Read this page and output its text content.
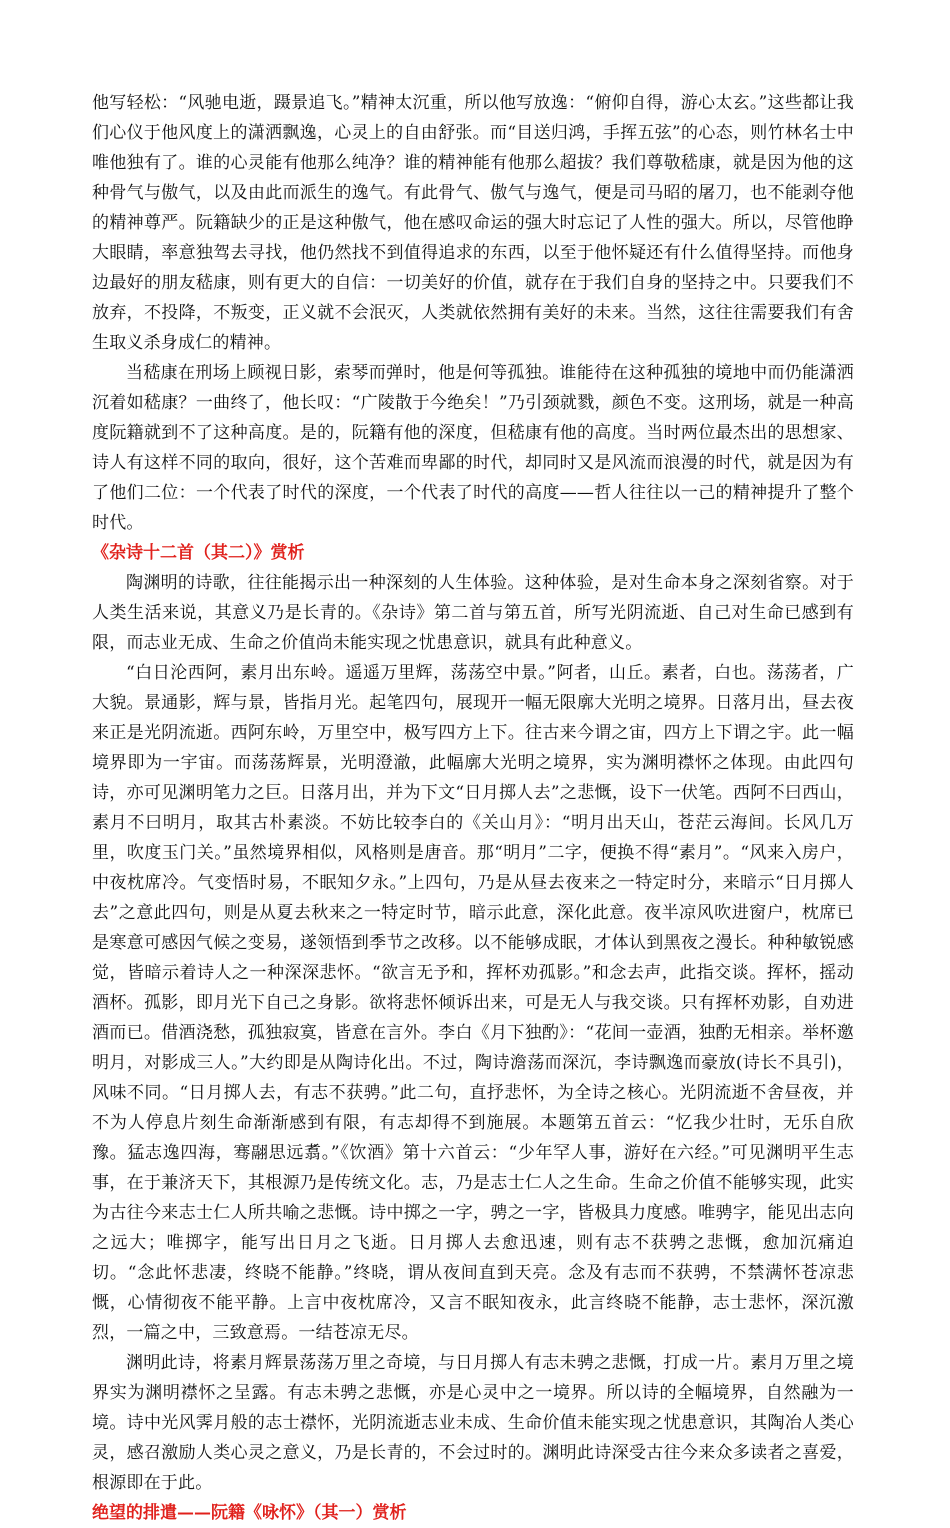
他写轻松：“风驰电逝，蹑景追飞。”精神太沉重，所以他写放逸：“俯仰自得，游心太玄。”这些都让我们心仪于他风度上的潇洒飘逸，心灵上的自由舒张。而“目送归鸿，手挥五弦”的心态，则竹林名士中唯他独有了。谁的心灵能有他那么纯净？谁的精神能有他那么超拔？我们尊敬嵇康，就是因为他的这种骨气与傲气，以及由此而派生的逸气。有此骨气、傲气与逸气，便是司马昭的屠刀，也不能剥夺他的精神尊严。阮籍缺少的正是这种傲气，他在感叹命运的强大时忘记了人性的强大。所以，尽管他睁大眼睛，率意独驾去寻找，他仍然找不到值得追求的东西，以至于他怀疑还有什么值得坚持。而他身边最好的朋友嵇康，则有更大的自信：一切美好的价值，就存在于我们自身的坚持之中。只要我们不放弃，不投降，不叛变，正义就不会泯灭，人类就依然拥有美好的未来。当然，这往往需要我们有舍生取义杀身成仁的精神。

当嵇康在刑场上顾视日影，索琴而弹时，他是何等孤独。谁能待在这种孤独的境地中而仍能潇洒沉着如嵇康？一曲终了，他长叹：“广陵散于今绝矣！”乃引颈就戮，颜色不变。这刑场，就是一种高度阮籍就到不了这种高度。是的，阮籍有他的深度，但嵇康有他的高度。当时两位最杰出的思想家、诗人有这样不同的取向，很好，这个苦难而卑鄙的时代，却同时又是风流而浪漫的时代，就是因为有了他们二位：一个代表了时代的深度，一个代表了时代的高度——哲人往往以一己的精神提升了整个时代。

《杂诗十二首（其二）》赏析

陶渊明的诗歌，往往能揭示出一种深刻的人生体验。这种体验，是对生命本身之深刻省察。对于人类生活来说，其意义乃是长青的。《杂诗》第二首与第五首，所写光阴流逝、自己对生命已感到有限，而志业无成、生命之价值尚未能实现之忧患意识，就具有此种意义。

“白日沦西阿，素月出东岭。遥遥万里辉，荡荡空中景。”阿者，山丘。素者，白也。荡荡者，广大貌。景通影，辉与景，皆指月光。起笔四句，展现开一幅无限廓大光明之境界。日落月出，昼去夜来正是光阴流逝。西阿东岭，万里空中，极写四方上下。往古来今谓之宙，四方上下谓之宇。此一幅境界即为一宇宙。而荡荡辉景，光明澄澈，此幅廓大光明之境界，实为渊明襟怀之体现。由此四句诗，亦可见渊明笔力之巨。日落月出，并为下文“日月掷人去”之悲慨，设下一伏笔。西阿不曰西山，素月不曰明月，取其古朴素淡。不妨比较李白的《关山月》：“明月出天山，苍茫云海间。长风几万里，吹度玉门关。”虽然境界相似，风格则是唐音。那“明月”二字，便换不得“素月”。“风来入房户，中夜枕席冷。气变悟时易，不眠知夕永。”上四句，乃是从昼去夜来之一特定时分，来暗示“日月掷人去”之意此四句，则是从夏去秋来之一特定时节，暗示此意，深化此意。夜半凉风吹进窗户，枕席已是寒意可感因气候之变易，遂领悟到季节之改移。以不能够成眠，才体认到黑夜之漫长。种种敏锐感觉，皆暗示着诗人之一种深深悲怀。“欲言无予和，挥杯劝孤影。”和念去声，此指交谈。挥杯，摇动酒杯。孤影，即月光下自己之身影。欲将悲怀倾诉出来，可是无人与我交谈。只有挥杯劝影，自劝进酒而已。借酒浇愁，孤独寂寞，皆意在言外。李白《月下独酌》：“花间一壶酒，独酌无相亲。举杯邀明月，对影成三人。”大约即是从陶诗化出。不过，陶诗澹荡而深沉，李诗飘逸而豪放(诗长不具引)，风味不同。“日月掷人去，有志不获骋。”此二句，直抒悲怀，为全诗之核心。光阴流逝不舍昼夜，并不为人停息片刻生命渐渐感到有限，有志却得不到施展。本题第五首云：“忆我少壮时，无乐自欣豫。猛志逸四海，骞翮思远翥。”《饮酒》第十六首云：“少年罕人事，游好在六经。”可见渊明平生志事，在于兼济天下，其根源乃是传统文化。志，乃是志士仁人之生命。生命之价值不能够实现，此实为古往今来志士仁人所共喻之悲慨。诗中掷之一字，骋之一字，皆极具力度感。唯骋字，能见出志向之远大；唯掷字，能写出日月之飞逝。日月掷人去愈迅速，则有志不获骋之悲慨，愈加沉痛迫切。“念此怀悲凄，终晓不能静。”终晓，谓从夜间直到天亮。念及有志而不获骋，不禁满怀苍凉悲慨，心情彻夜不能平静。上言中夜枕席冷，又言不眠知夜永，此言终晓不能静，志士悲怀，深沉激烈，一篇之中，三致意焉。一结苍凉无尽。

渊明此诗，将素月辉景荡荡万里之奇境，与日月掷人有志未骋之悲慨，打成一片。素月万里之境界实为渊明襟怀之呈露。有志未骋之悲慨，亦是心灵中之一境界。所以诗的全幅境界，自然融为一境。诗中光风霁月般的志士襟怀，光阴流逝志业未成、生命价值未能实现之忧患意识，其陶冶人类心灵，感召激励人类心灵之意义，乃是长青的，不会过时的。渊明此诗深受古往今来众多读者之喜爱，根源即在于此。

绝望的排遣——阮籍《咏怀》（其一）赏析
